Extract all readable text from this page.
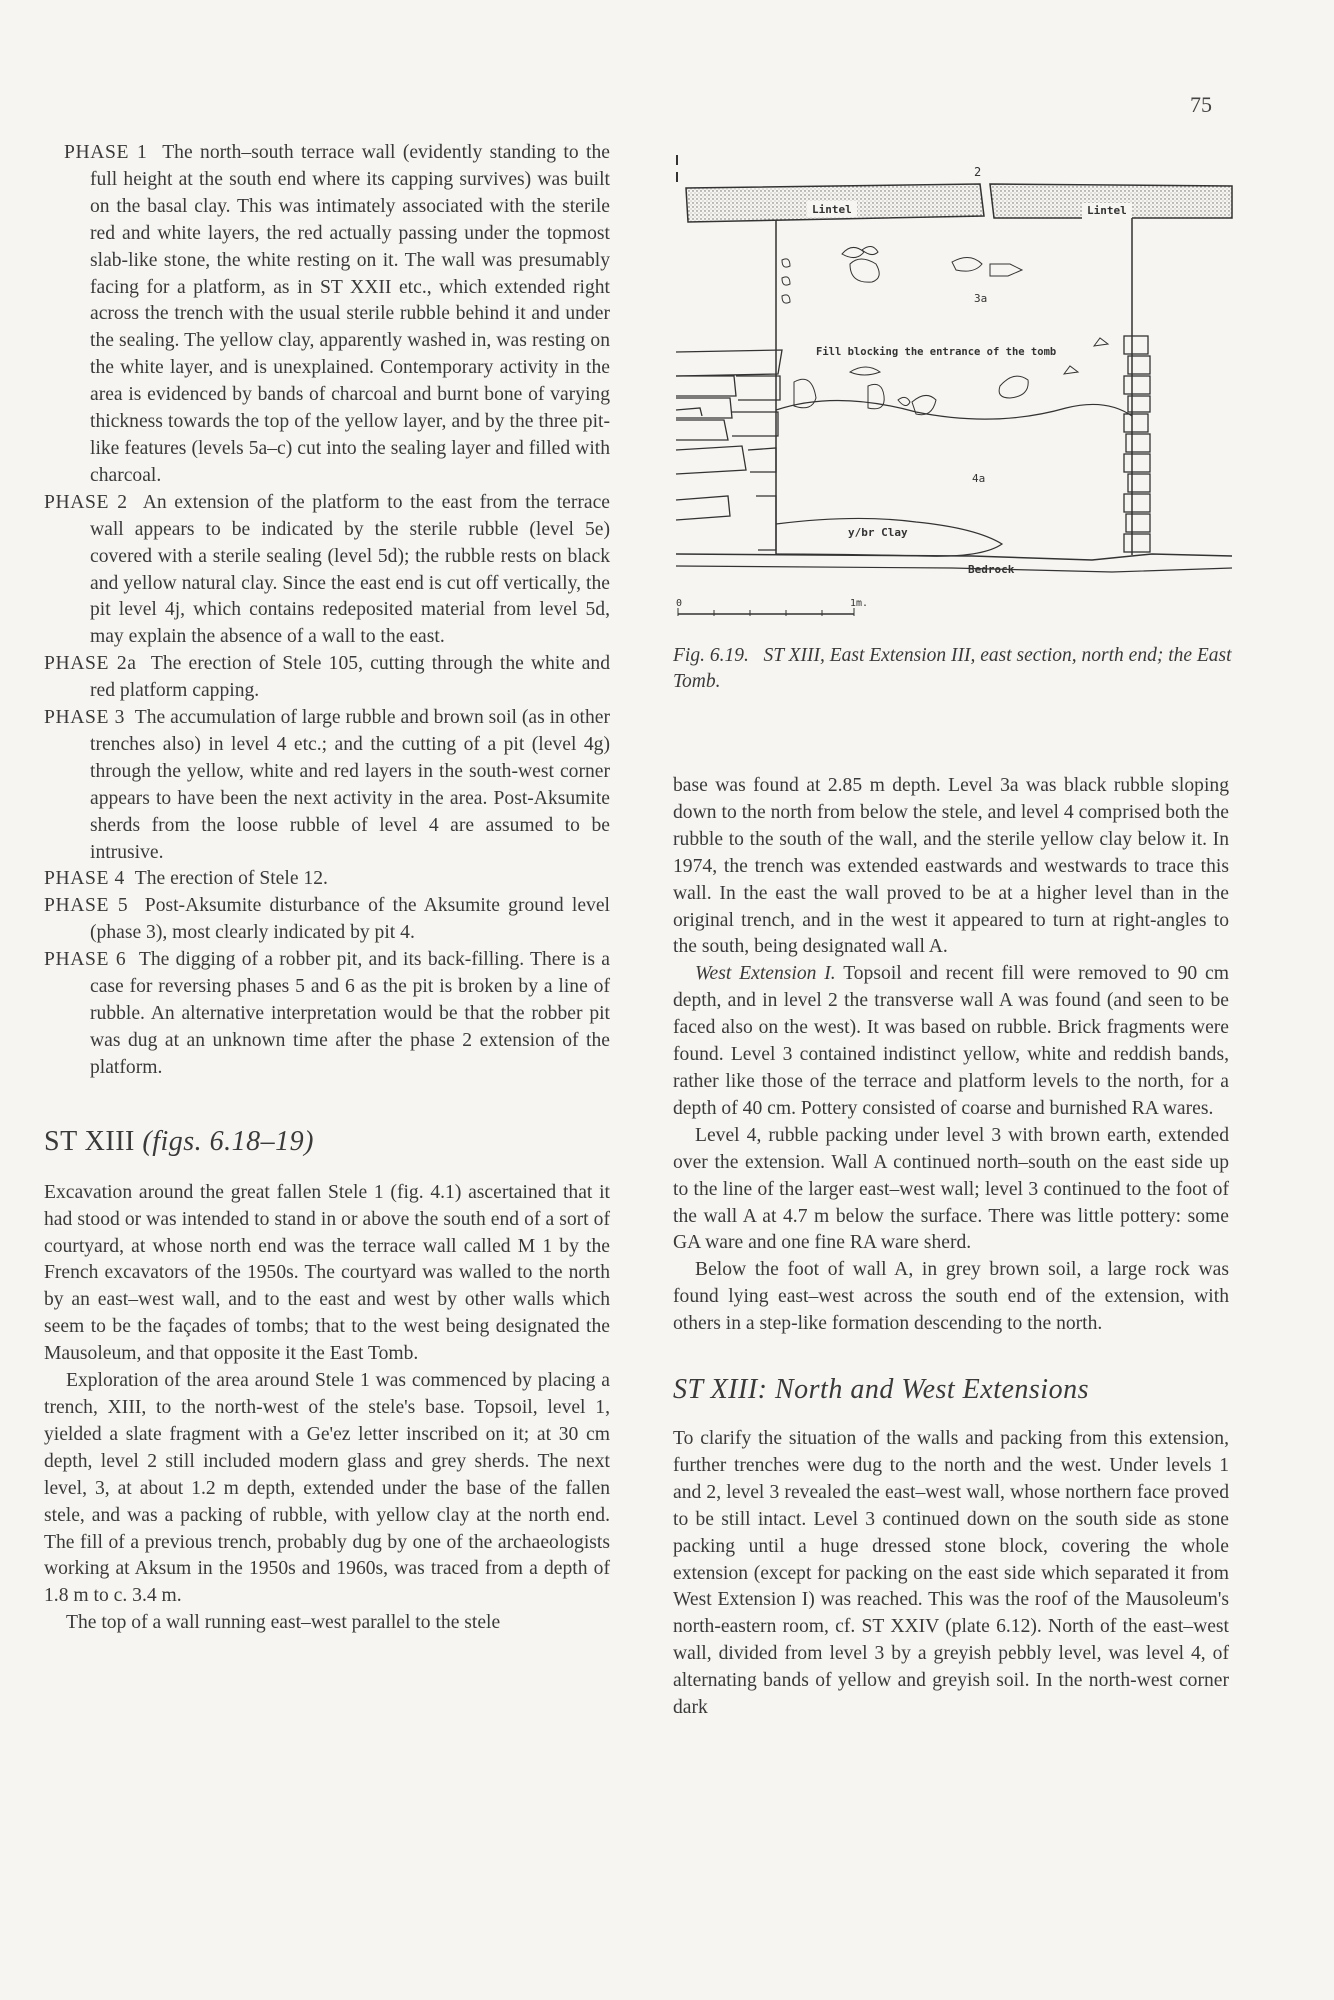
75

PHASE 1 The north–south terrace wall (evidently standing to the full height at the south end where its capping survives) was built on the basal clay. This was intimately associated with the sterile red and white layers, the red actually passing under the topmost slab-like stone, the white resting on it. The wall was presumably facing for a platform, as in ST XXII etc., which extended right across the trench with the usual sterile rubble behind it and under the sealing. The yellow clay, apparently washed in, was resting on the white layer, and is unexplained. Contemporary activity in the area is evidenced by bands of charcoal and burnt bone of varying thickness towards the top of the yellow layer, and by the three pit-like features (levels 5a–c) cut into the sealing layer and filled with charcoal.

PHASE 2 An extension of the platform to the east from the terrace wall appears to be indicated by the sterile rubble (level 5e) covered with a sterile sealing (level 5d); the rubble rests on black and yellow natural clay. Since the east end is cut off vertically, the pit level 4j, which contains redeposited material from level 5d, may explain the absence of a wall to the east.

PHASE 2a The erection of Stele 105, cutting through the white and red platform capping.

PHASE 3 The accumulation of large rubble and brown soil (as in other trenches also) in level 4 etc.; and the cutting of a pit (level 4g) through the yellow, white and red layers in the south-west corner appears to have been the next activity in the area. Post-Aksumite sherds from the loose rubble of level 4 are assumed to be intrusive.

PHASE 4 The erection of Stele 12.

PHASE 5 Post-Aksumite disturbance of the Aksumite ground level (phase 3), most clearly indicated by pit 4.

PHASE 6 The digging of a robber pit, and its back-filling. There is a case for reversing phases 5 and 6 as the pit is broken by a line of rubble. An alternative interpretation would be that the robber pit was dug at an unknown time after the phase 2 extension of the platform.

ST XIII (figs. 6.18–19)

Excavation around the great fallen Stele 1 (fig. 4.1) ascertained that it had stood or was intended to stand in or above the south end of a sort of courtyard, at whose north end was the terrace wall called M 1 by the French excavators of the 1950s. The courtyard was walled to the north by an east–west wall, and to the east and west by other walls which seem to be the façades of tombs; that to the west being designated the Mausoleum, and that opposite it the East Tomb.

Exploration of the area around Stele 1 was commenced by placing a trench, XIII, to the north-west of the stele's base. Topsoil, level 1, yielded a slate fragment with a Ge'ez letter inscribed on it; at 30 cm depth, level 2 still included modern glass and grey sherds. The next level, 3, at about 1.2 m depth, extended under the base of the fallen stele, and was a packing of rubble, with yellow clay at the north end. The fill of a previous trench, probably dug by one of the archaeologists working at Aksum in the 1950s and 1960s, was traced from a depth of 1.8 m to c. 3.4 m.

The top of a wall running east–west parallel to the stele

2
Lintel	Lintel
3a
Fill blocking the entrance of the tomb
4a
y/br Clay
Bedrock
0	1m.

Fig. 6.19. ST XIII, East Extension III, east section, north end; the East Tomb.

base was found at 2.85 m depth. Level 3a was black rubble sloping down to the north from below the stele, and level 4 comprised both the rubble to the south of the wall, and the sterile yellow clay below it. In 1974, the trench was extended eastwards and westwards to trace this wall. In the east the wall proved to be at a higher level than in the original trench, and in the west it appeared to turn at right-angles to the south, being designated wall A.

West Extension I. Topsoil and recent fill were removed to 90 cm depth, and in level 2 the transverse wall A was found (and seen to be faced also on the west). It was based on rubble. Brick fragments were found. Level 3 contained indistinct yellow, white and reddish bands, rather like those of the terrace and platform levels to the north, for a depth of 40 cm. Pottery consisted of coarse and burnished RA wares.

Level 4, rubble packing under level 3 with brown earth, extended over the extension. Wall A continued north–south on the east side up to the line of the larger east–west wall; level 3 continued to the foot of the wall A at 4.7 m below the surface. There was little pottery: some GA ware and one fine RA ware sherd.

Below the foot of wall A, in grey brown soil, a large rock was found lying east–west across the south end of the extension, with others in a step-like formation descending to the north.

ST XIII: North and West Extensions

To clarify the situation of the walls and packing from this extension, further trenches were dug to the north and the west. Under levels 1 and 2, level 3 revealed the east–west wall, whose northern face proved to be still intact. Level 3 continued down on the south side as stone packing until a huge dressed stone block, covering the whole extension (except for packing on the east side which separated it from West Extension I) was reached. This was the roof of the Mausoleum's north-eastern room, cf. ST XXIV (plate 6.12). North of the east–west wall, divided from level 3 by a greyish pebbly level, was level 4, of alternating bands of yellow and greyish soil. In the north-west corner dark
